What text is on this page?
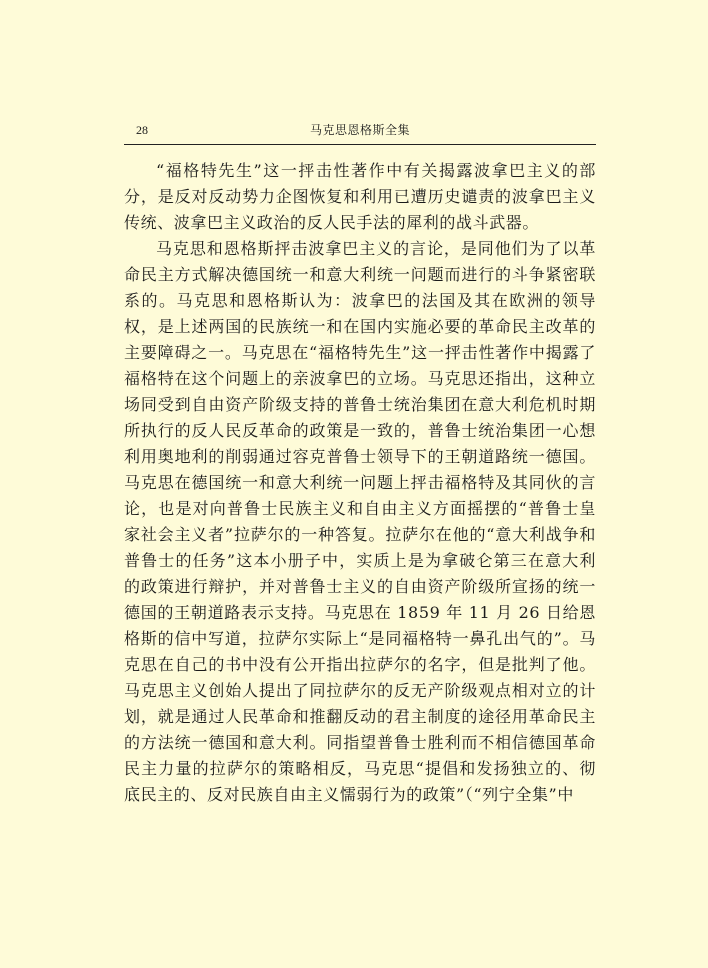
28	马克思恩格斯全集

“福格特先生”这一抨击性著作中有关揭露波拿巴主义的部分，是反对反动势力企图恢复和利用已遭历史谴责的波拿巴主义传统、波拿巴主义政治的反人民手法的犀利的战斗武器。

马克思和恩格斯抨击波拿巴主义的言论，是同他们为了以革命民主方式解决德国统一和意大利统一问题而进行的斗争紧密联系的。马克思和恩格斯认为：波拿巴的法国及其在欧洲的领导权，是上述两国的民族统一和在国内实施必要的革命民主改革的主要障碍之一。马克思在“福格特先生”这一抨击性著作中揭露了福格特在这个问题上的亲波拿巴的立场。马克思还指出，这种立场同受到自由资产阶级支持的普鲁士统治集团在意大利危机时期所执行的反人民反革命的政策是一致的，普鲁士统治集团一心想利用奥地利的削弱通过容克普鲁士领导下的王朝道路统一德国。马克思在德国统一和意大利统一问题上抨击福格特及其同伙的言论，也是对向普鲁士民族主义和自由主义方面摇摆的“普鲁士皇家社会主义者”拉萨尔的一种答复。拉萨尔在他的“意大利战争和普鲁士的任务”这本小册子中，实质上是为拿破仑第三在意大利的政策进行辩护，并对普鲁士主义的自由资产阶级所宣扬的统一德国的王朝道路表示支持。马克思在 1859 年 11 月 26 日给恩格斯的信中写道，拉萨尔实际上“是同福格特一鼻孔出气的”。马克思在自己的书中没有公开指出拉萨尔的名字，但是批判了他。马克思主义创始人提出了同拉萨尔的反无产阶级观点相对立的计划，就是通过人民革命和推翻反动的君主制度的途径用革命民主的方法统一德国和意大利。同指望普鲁士胜利而不相信德国革命民主力量的拉萨尔的策略相反，马克思“提倡和发扬独立的、彻底民主的、反对民族自由主义懦弱行为的政策”（“列宁全集”中
